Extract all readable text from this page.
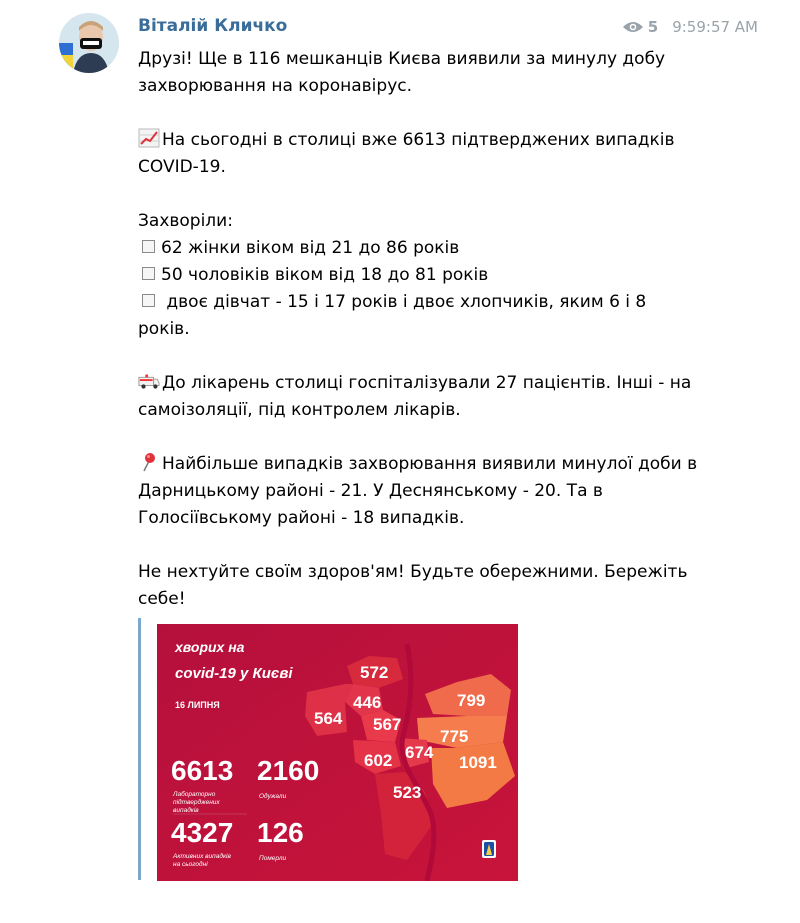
Віталій Кличко	5 9:59:57 AM

Друзі! Ще в 116 мешканців Києва виявили за минулу добу

захворювання на коронавірус.

На сьогодні в столиці вже 6613 підтверджених випадків

COVID-19.

Захворіли:

62 жінки віком від 21 до 86 років

50 чоловіків віком від 18 до 81 років

двоє дівчат - 15 і 17 років і двоє хлопчиків, яким 6 і 8

років.

До лікарень столиці госпіталізували 27 пацієнтів. Інші - на

самоізоляції, під контролем лікарів.

Найбільше випадків захворювання виявили минулої доби в

Дарницькому районі - 21. У Деснянському - 20. Та в

Голосіївському районі - 18 випадків.

Не нехтуйте своїм здоров'ям! Будьте обережними. Бережіть

себе!

хворих на
covid-19 у Києві
16 ЛИПНЯ
572
446
564 567
799
775
602 674
1091
523
6613
Лабораторно
підтверджених
випадків
2160
Одужали
4327
Активних випадків
на сьогодні
126
Померли
